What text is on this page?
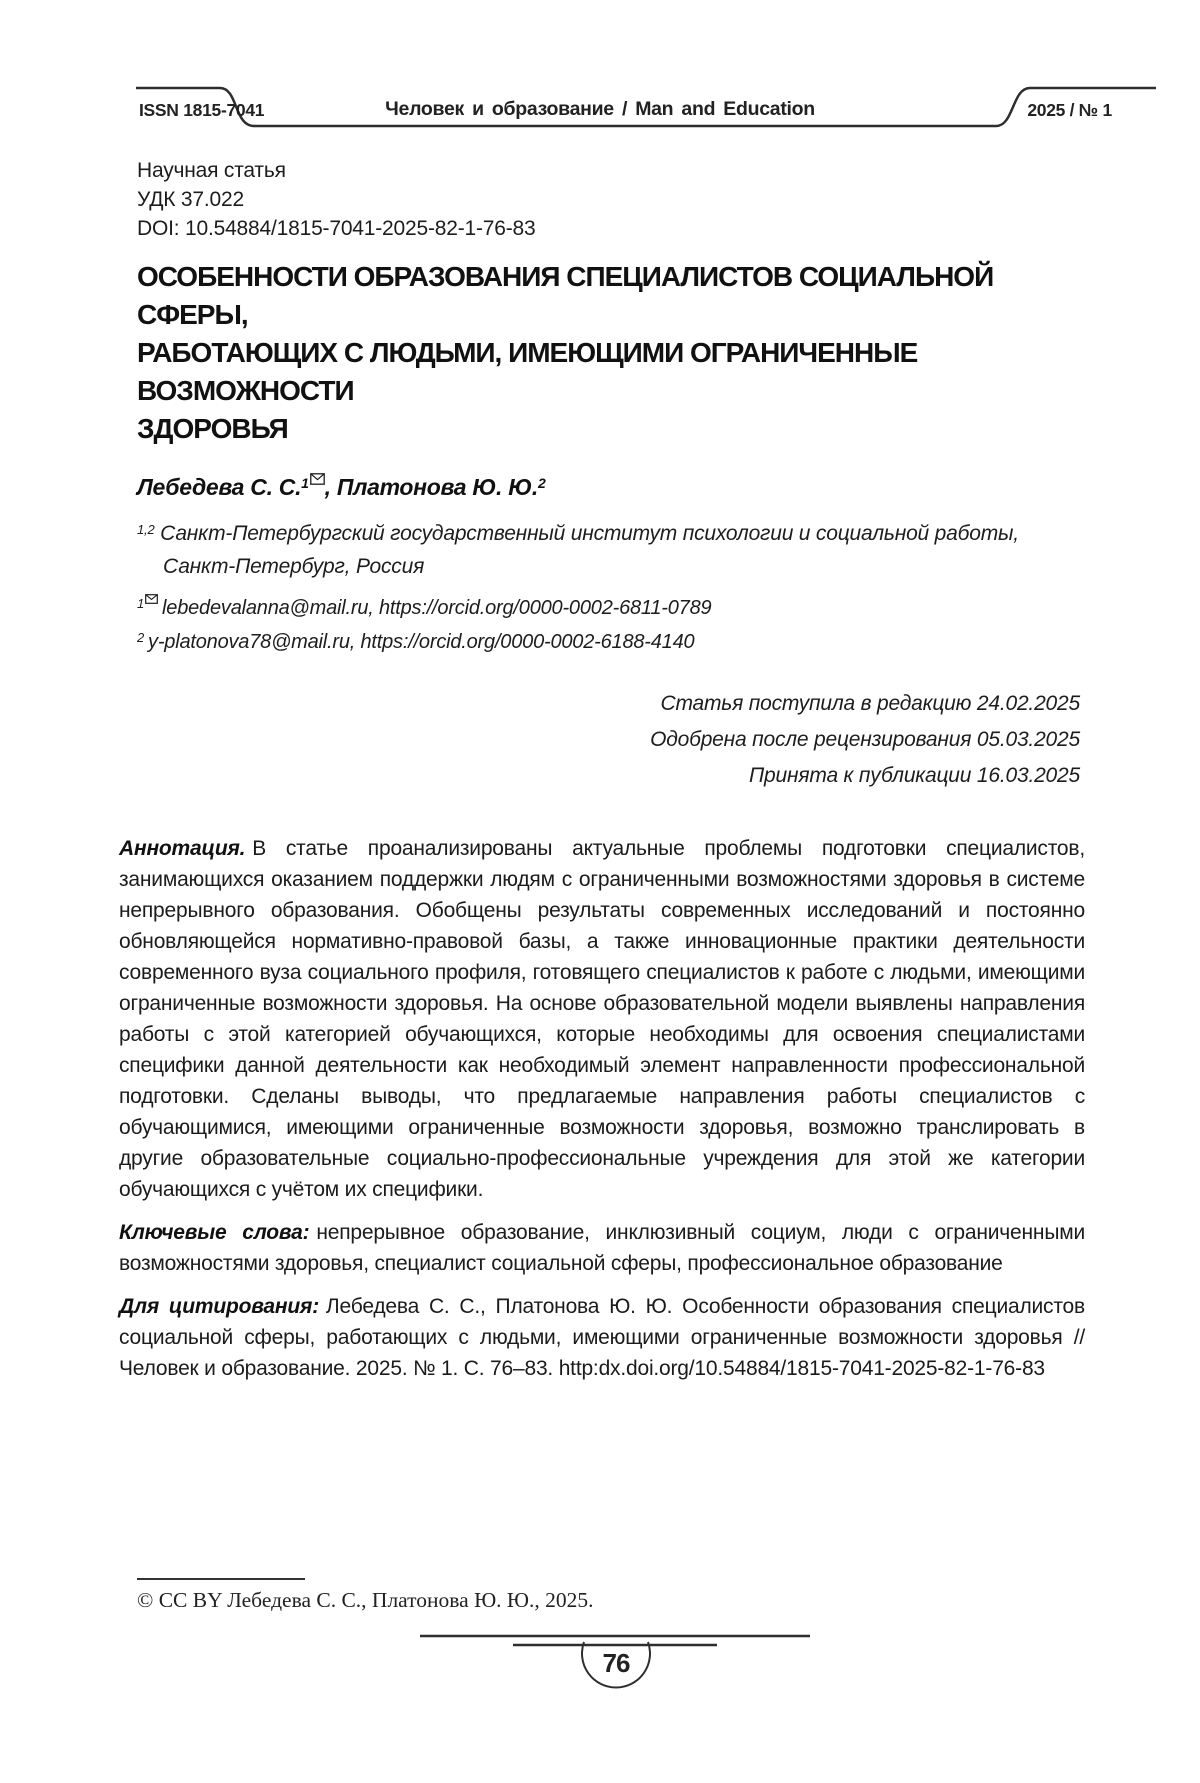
ISSN 1815-7041	Человек и образование / Man and Education	2025 / № 1
Научная статья
УДК 37.022
DOI: 10.54884/1815-7041-2025-82-1-76-83
ОСОБЕННОСТИ ОБРАЗОВАНИЯ СПЕЦИАЛИСТОВ СОЦИАЛЬНОЙ СФЕРЫ,
РАБОТАЮЩИХ С ЛЮДЬМИ, ИМЕЮЩИМИ ОГРАНИЧЕННЫЕ ВОЗМОЖНОСТИ
ЗДОРОВЬЯ
Лебедева С. С.$^1$ , Платонова Ю. Ю.$^2$
$^{1,2}$ Санкт-Петербургский государственный институт психологии и социальной работы, Санкт-Петербург, Россия
$^1$ lebedevalanna@mail.ru, https://orcid.org/0000-0002-6811-0789
$^2$ y-platonova78@mail.ru, https://orcid.org/0000-0002-6188-4140
Статья поступила в редакцию 24.02.2025
Одобрена после рецензирования 05.03.2025
Принята к публикации 16.03.2025
Аннотация. В статье проанализированы актуальные проблемы подготовки специалистов, занимающихся оказанием поддержки людям с ограниченными возможностями здоровья в системе непрерывного образования. Обобщены результаты современных исследований и постоянно обновляющейся нормативно-правовой базы, а также инновационные практики деятельности современного вуза социального профиля, готовящего специалистов к работе с людьми, имеющими ограниченные возможности здоровья. На основе образовательной модели выявлены направления работы с этой категорией обучающихся, которые необходимы для освоения специалистами специфики данной деятельности как необходимый элемент направленности профессиональной подготовки. Сделаны выводы, что предлагаемые направления работы специалистов с обучающимися, имеющими ограниченные возможности здоровья, возможно транслировать в другие образовательные социально-профессиональные учреждения для этой же категории обучающихся с учётом их специфики.
Ключевые слова: непрерывное образование, инклюзивный социум, люди с ограниченными возможностями здоровья, специалист социальной сферы, профессиональное образование
Для цитирования: Лебедева С. С., Платонова Ю. Ю. Особенности образования специалистов социальной сферы, работающих с людьми, имеющими ограниченные возможности здоровья // Человек и образование. 2025. № 1. С. 76–83. http:dx.doi.org/10.54884/1815-7041-2025-82-1-76-83
© CC BY Лебедева С. С., Платонова Ю. Ю., 2025.
76
